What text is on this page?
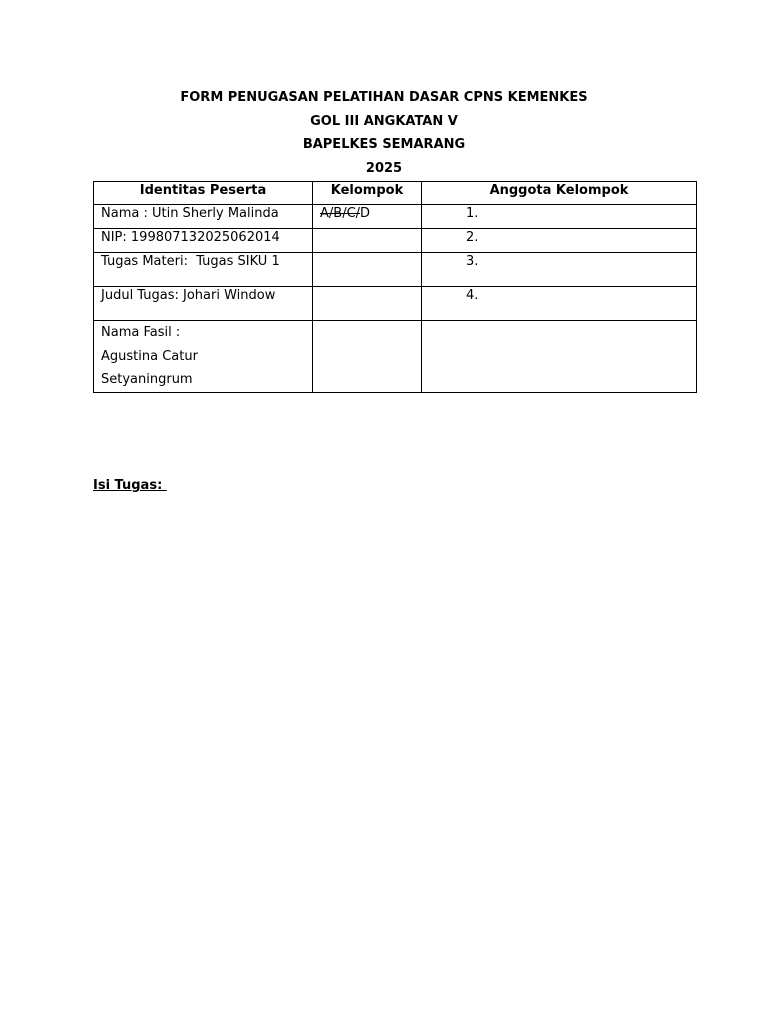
FORM PENUGASAN PELATIHAN DASAR CPNS KEMENKES
GOL III ANGKATAN V
BAPELKES SEMARANG
2025
Identitas Peserta	Kelompok	Anggota Kelompok

Nama : Utin Sherly Malinda	A/B/C/D	1.

NIP: 199807132025062014		2.

Tugas Materi:  Tugas SIKU 1		3.

Judul Tugas: Johari Window		4.

Nama Fasil :
Agustina Catur
Setyaningrum		

Isi Tugas:
